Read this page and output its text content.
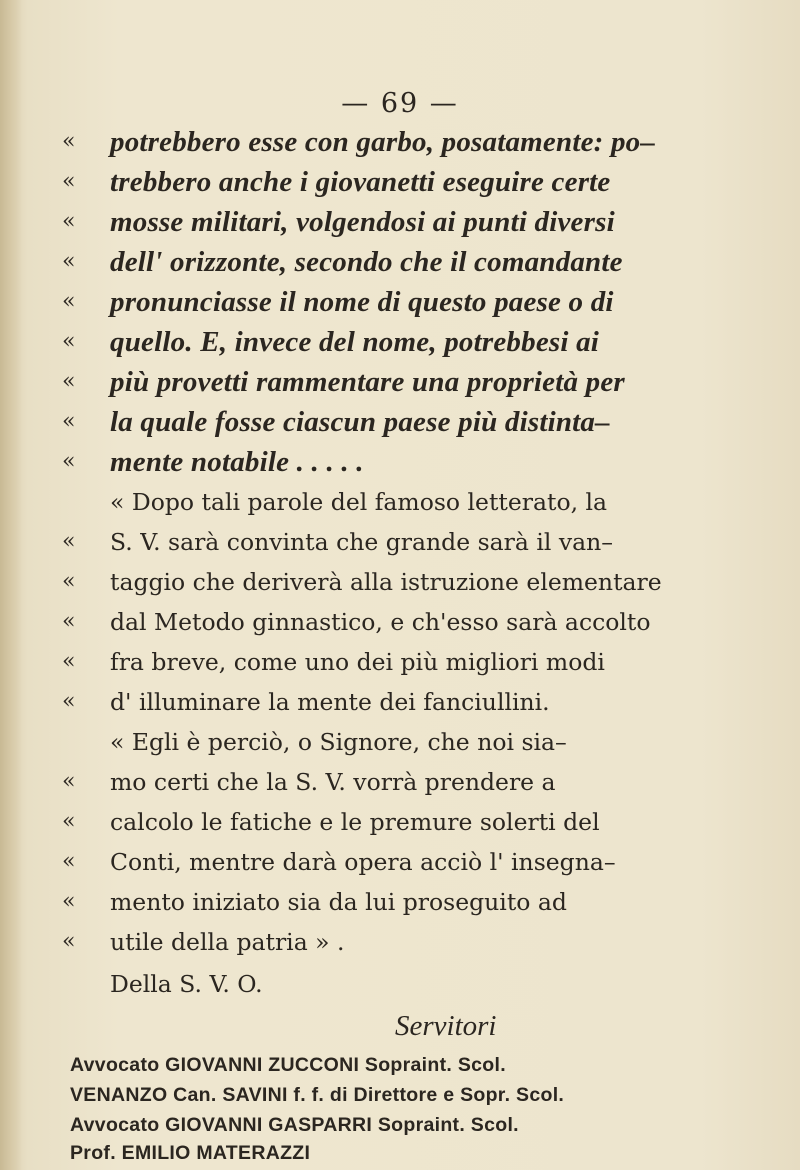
— 69 —
« potrebbero esse con garbo, posatamente: po–
« trebbero anche i giovanetti eseguire certe
« mosse militari, volgendosi ai punti diversi
« dell' orizzonte, secondo che il comandante
« pronunciasse il nome di questo paese o di
« quello. E, invece del nome, potrebbesi ai
« più provetti rammentare una proprietà per
« la quale fosse ciascun paese più distinta–
« mente notabile . . . . .
« Dopo tali parole del famoso letterato, la
« S. V. sarà convinta che grande sarà il van–
« taggio che deriverà alla istruzione elementare
« dal Metodo ginnastico, e ch'esso sarà accolto
« fra breve, come uno dei più migliori modi
« d' illuminare la mente dei fanciullini.
« Egli è perciò, o Signore, che noi sia–
« mo certi che la S. V. vorrà prendere a
« calcolo le fatiche e le premure solerti del
« Conti, mentre darà opera acciò l' insegna–
« mento iniziato sia da lui proseguito ad
« utile della patria » .
Della S. V. O.
Servitori
Avvocato GIOVANNI ZUCCONI Sopraint. Scol.
VENANZO Can. SAVINI f. f. di Direttore e Sopr. Scol.
Avvocato GIOVANNI GASPARRI Sopraint. Scol.
Prof. EMILIO MATERAZZI
